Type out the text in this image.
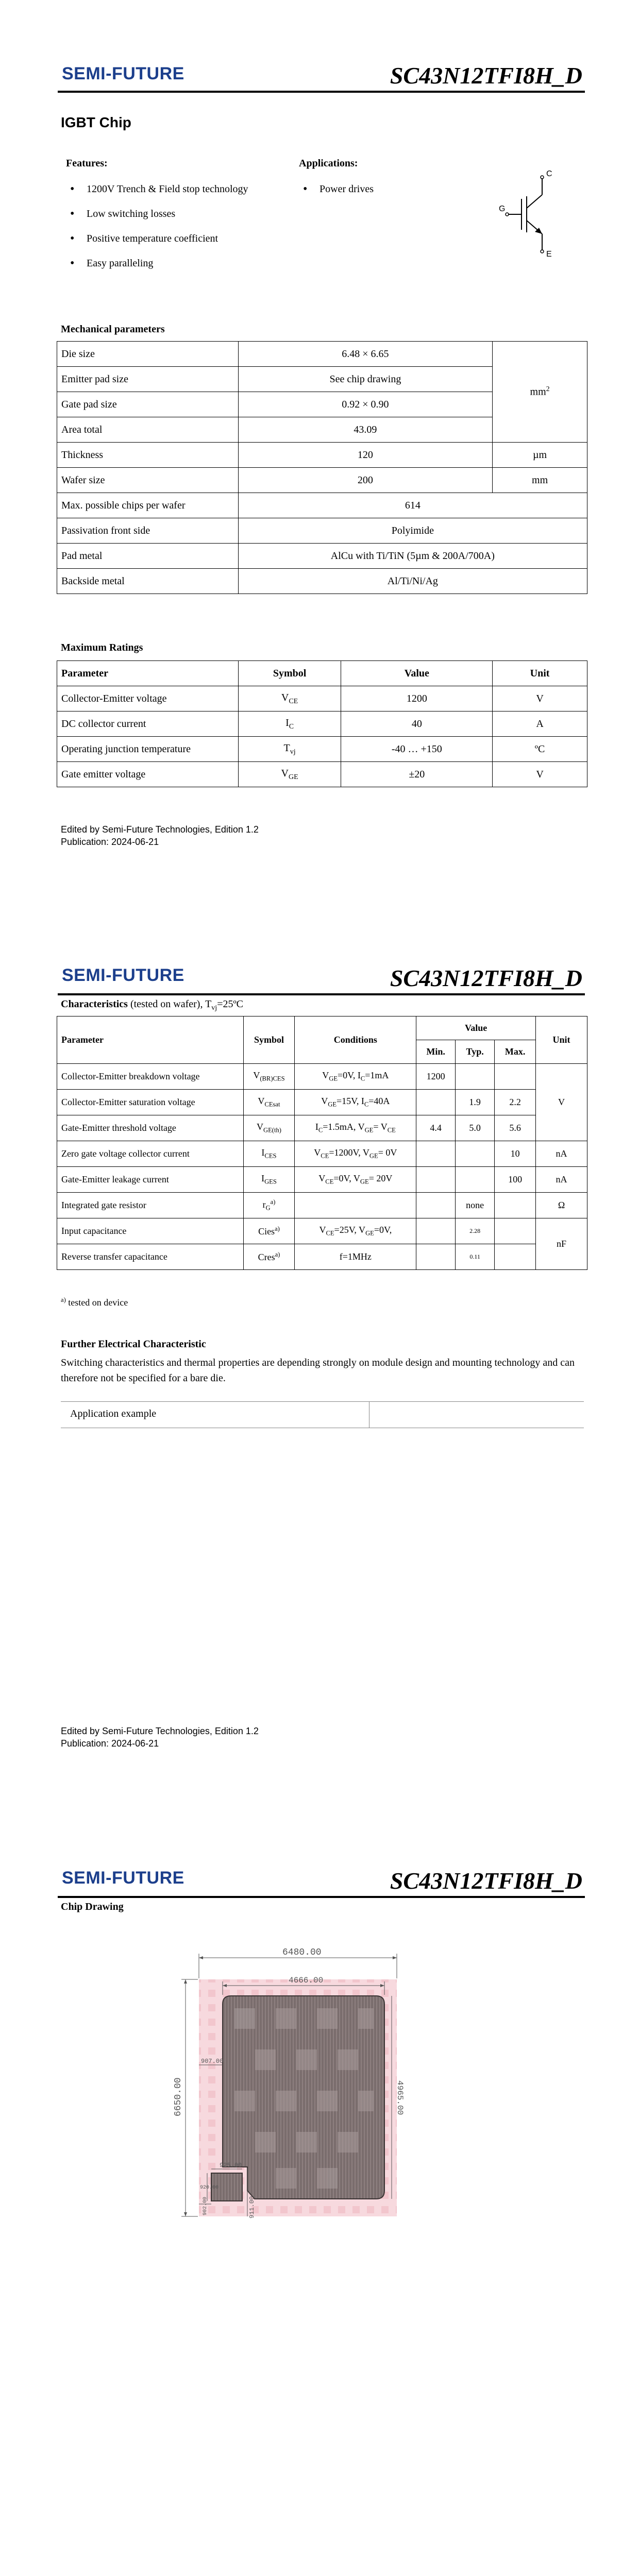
SEMI-FUTURE	SC43N12TFI8H_D
IGBT Chip
Features:
• 1200V Trench & Field stop technology
• Low switching losses
• Positive temperature coefficient
• Easy paralleling
Applications:
• Power drives
C
G
E
Mechanical parameters
Die size	6.48 × 6.65	$mm^2$
Emitter pad size	See chip drawing	
Gate pad size	0.92 × 0.90	
Area total	43.09	
Thickness	120	µm
Wafer size	200	mm
Max. possible chips per wafer	614	
Passivation front side	Polyimide	
Pad metal	AlCu with Ti/TiN (5µm & 200A/700A)	
Backside metal	Al/Ti/Ni/Ag	
Maximum Ratings
Parameter	Symbol	Value	Unit
Collector-Emitter voltage	$V_{CE}$	1200	V
DC collector current	$I_C$	40	A
Operating junction temperature	$T_{vj}$	-40 … +150	ºC
Gate emitter voltage	$V_{GE}$	±20	V
Edited by Semi-Future Technologies, Edition 1.2
Publication: 2024-06-21
SEMI-FUTURE	SC43N12TFI8H_D
Characteristics (tested on wafer), $T_{vj}=25ºC$
Parameter	Symbol	Conditions	Value			Unit
			Min.	Typ.	Max.	
Collector-Emitter breakdown voltage	$V_{(BR)CES}$	$V_{GE}=0V$, $I_C=1mA$	1200			V
Collector-Emitter saturation voltage	$V_{CEsat}$	$V_{GE}=15V$, $I_C=40A$		1.9	2.2	
Gate-Emitter threshold voltage	$V_{GE(th)}$	$I_C=1.5mA$, $V_{GE}= V_{CE}$	4.4	5.0	5.6	
Zero gate voltage collector current	$I_{CES}$	$V_{CE}=1200V$, $V_{GE}= 0V$			10	nA
Gate-Emitter leakage current	$I_{GES}$	$V_{CE}=0V$, $V_{GE}= 20V$			100	nA
Integrated gate resistor	$r_G^{a)}$			none		Ω
Input capacitance	Cies$^{a)}$	$V_{CE}=25V$, $V_{GE}=0V$,		2.28		nF
Reverse transfer capacitance	Cres$^{a)}$	f=1MHz		0.11		
$^{a)}$ tested on device
Further Electrical Characteristic
Switching characteristics and thermal properties are depending strongly on module design and mounting technology and can therefore not be specified for a bare die.
Application example
Edited by Semi-Future Technologies, Edition 1.2
Publication: 2024-06-21
SEMI-FUTURE	SC43N12TFI8H_D
Chip Drawing
6480.00
4666.00
6650.00	4965.00
907.00
925.00
920.00
902.00	911.00
